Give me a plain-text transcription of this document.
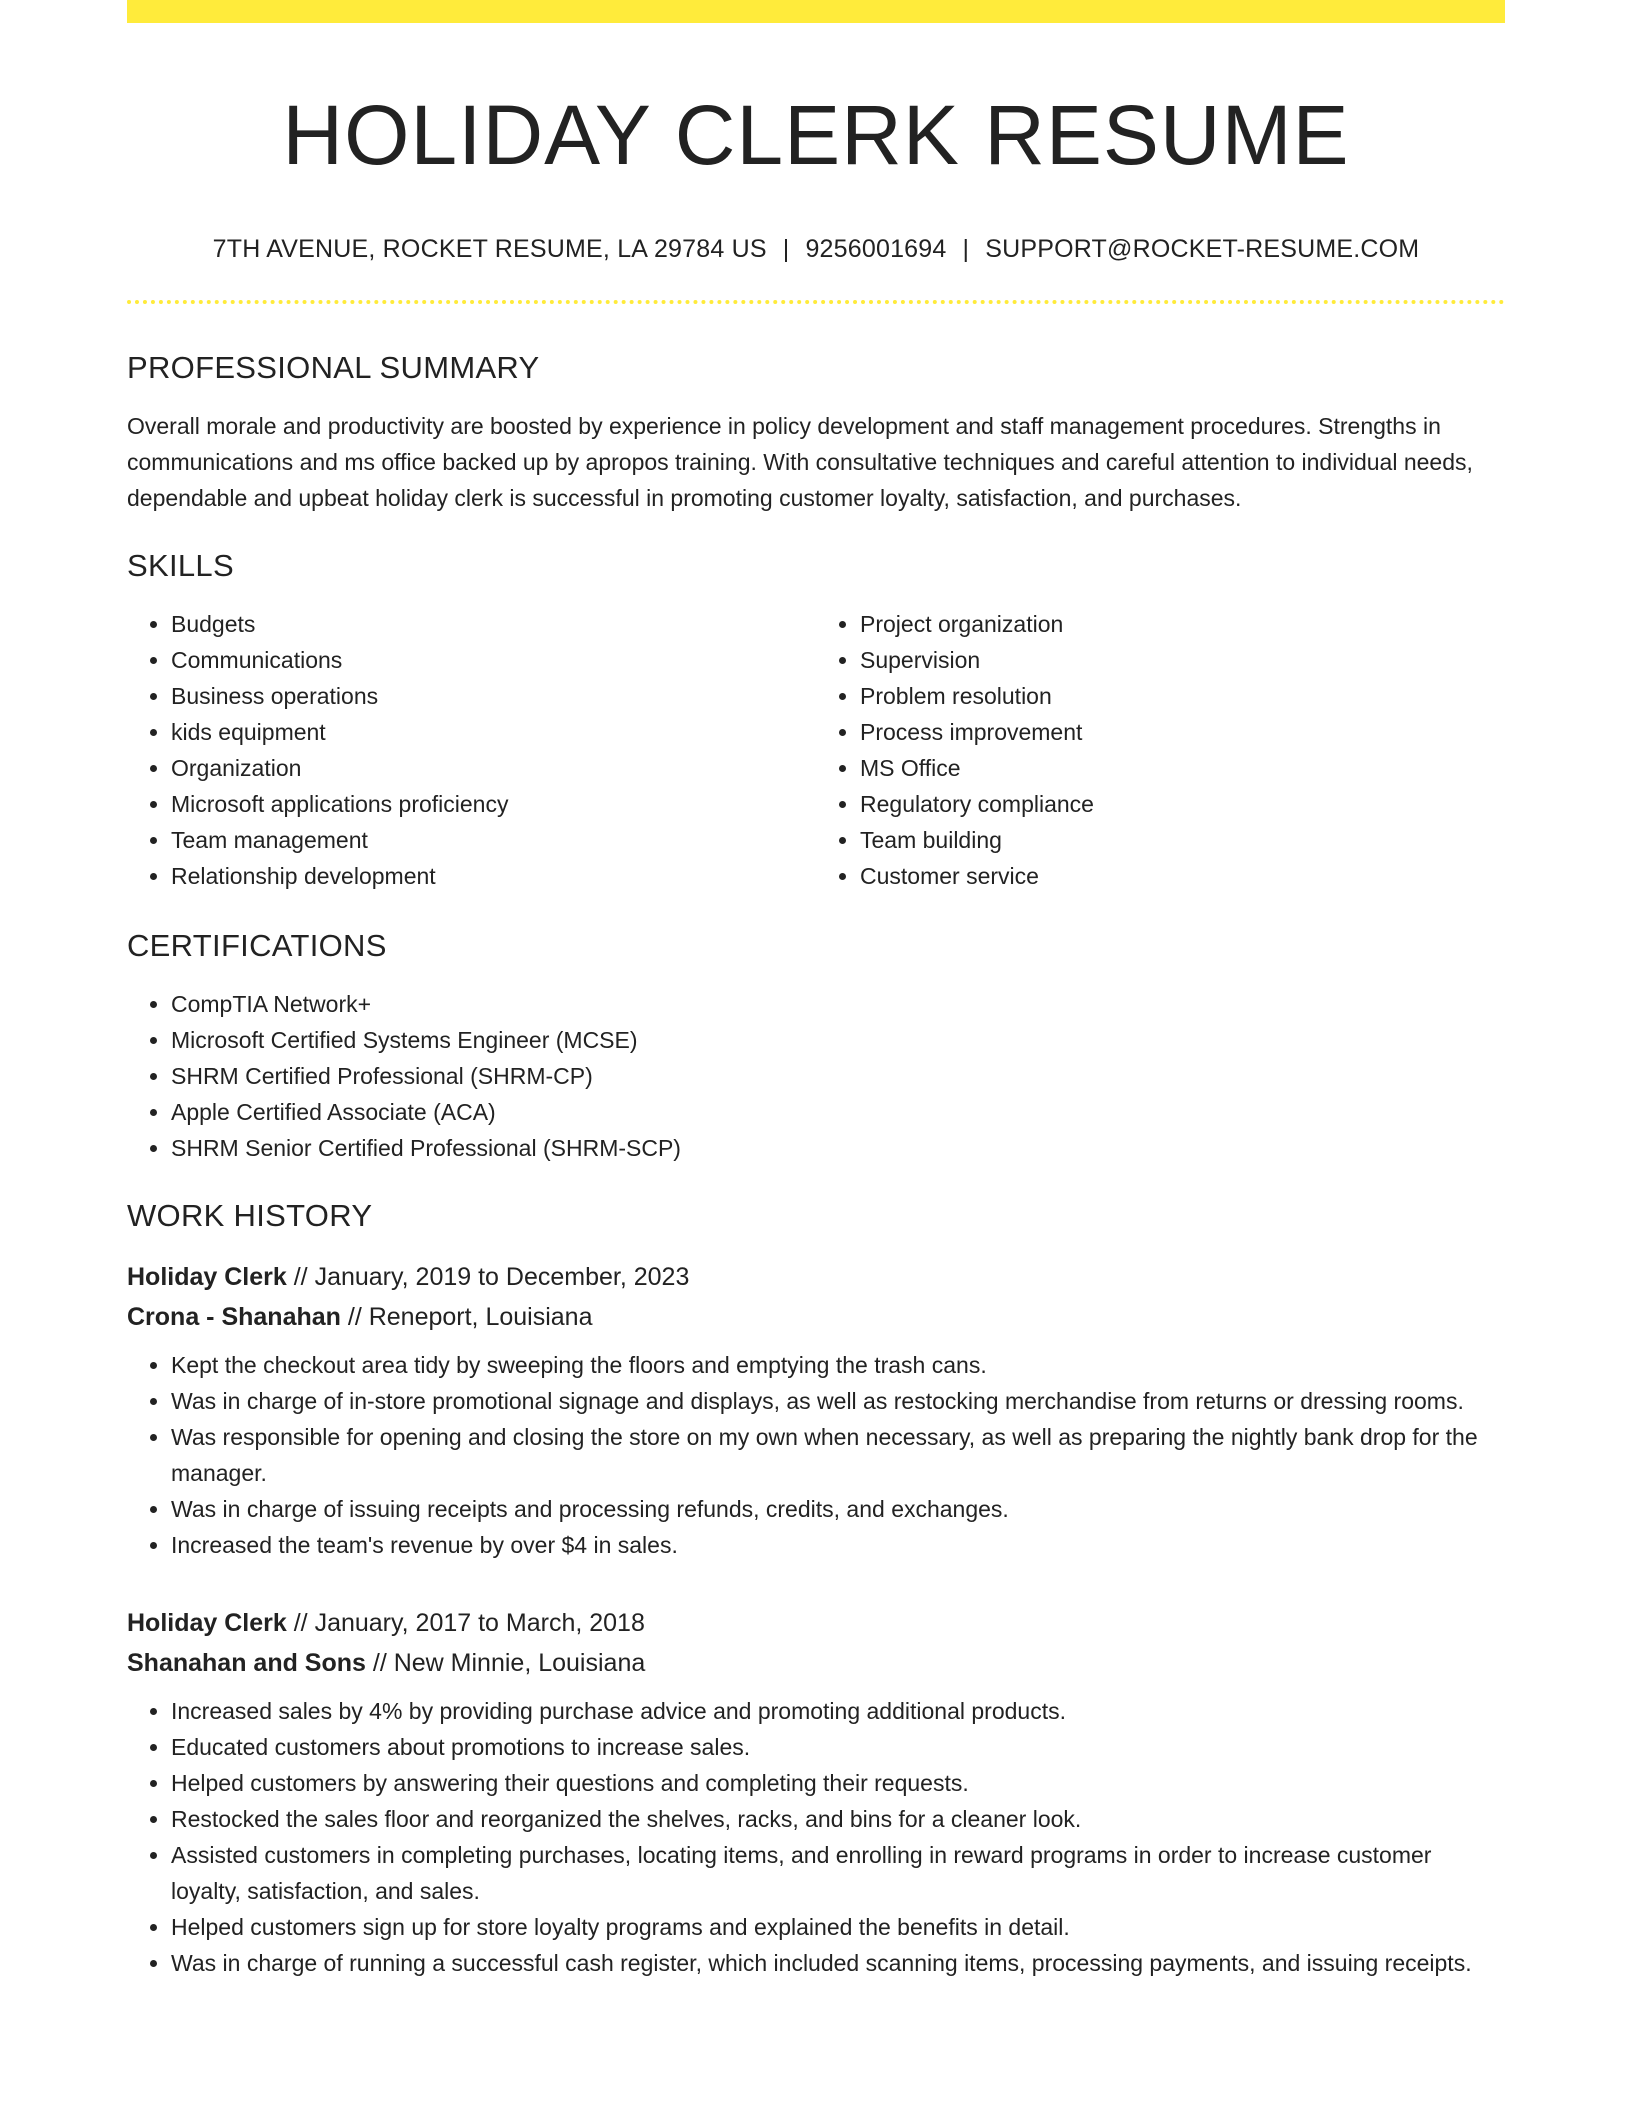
HOLIDAY CLERK RESUME
7TH AVENUE, ROCKET RESUME, LA 29784 US | 9256001694 | SUPPORT@ROCKET-RESUME.COM
PROFESSIONAL SUMMARY
Overall morale and productivity are boosted by experience in policy development and staff management procedures. Strengths in communications and ms office backed up by apropos training. With consultative techniques and careful attention to individual needs, dependable and upbeat holiday clerk is successful in promoting customer loyalty, satisfaction, and purchases.
SKILLS
• Budgets
• Communications
• Business operations
• kids equipment
• Organization
• Microsoft applications proficiency
• Team management
• Relationship development
• Project organization
• Supervision
• Problem resolution
• Process improvement
• MS Office
• Regulatory compliance
• Team building
• Customer service
CERTIFICATIONS
• CompTIA Network+
• Microsoft Certified Systems Engineer (MCSE)
• SHRM Certified Professional (SHRM-CP)
• Apple Certified Associate (ACA)
• SHRM Senior Certified Professional (SHRM-SCP)
WORK HISTORY
Holiday Clerk // January, 2019 to December, 2023
Crona - Shanahan // Reneport, Louisiana
• Kept the checkout area tidy by sweeping the floors and emptying the trash cans.
• Was in charge of in-store promotional signage and displays, as well as restocking merchandise from returns or dressing rooms.
• Was responsible for opening and closing the store on my own when necessary, as well as preparing the nightly bank drop for the manager.
• Was in charge of issuing receipts and processing refunds, credits, and exchanges.
• Increased the team's revenue by over $4 in sales.
Holiday Clerk // January, 2017 to March, 2018
Shanahan and Sons // New Minnie, Louisiana
• Increased sales by 4% by providing purchase advice and promoting additional products.
• Educated customers about promotions to increase sales.
• Helped customers by answering their questions and completing their requests.
• Restocked the sales floor and reorganized the shelves, racks, and bins for a cleaner look.
• Assisted customers in completing purchases, locating items, and enrolling in reward programs in order to increase customer loyalty, satisfaction, and sales.
• Helped customers sign up for store loyalty programs and explained the benefits in detail.
• Was in charge of running a successful cash register, which included scanning items, processing payments, and issuing receipts.
